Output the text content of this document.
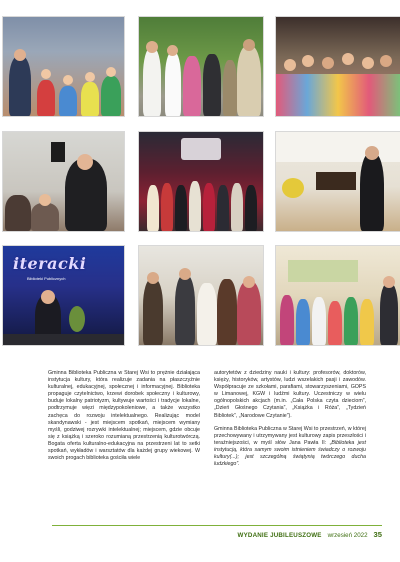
iteracki
Biblioteki Publicznych

Gminna Biblioteka Publiczna w Starej Wsi to prężnie działająca instytucja kultury, która realizuje zadania na płaszczyźnie kulturalnej, edukacyjnej, społecznej i informacyjnej. Biblioteka propaguje czytelnictwo, krzewi dorobek społeczny i kulturowy, buduje lokalny patriotyzm, kultywuje wartości i tradycje lokalne, podtrzymuje więzi międzypokoleniowe, a także wszystko zachęca do rozwoju intelektualnego. Realizując model skandynawski - jest miejscem spotkań, miejscem wymiany myśli, godziwej rozrywki intelektualnej; miejscem, gdzie obcuje się z książką i szeroko rozumianą przestrzenią kulturotwórczą. Bogata oferta kulturalno-edukacyjna na przestrzeni lat to setki spotkań, wykładów i warsztatów dla każdej grupy wiekowej. W swoich progach biblioteka gościła wiele

autorytetów z dziedziny nauki i kultury: profesorów, doktorów, księży, historyków, artystów, ludzi wszelakich pasji i zawodów. Współpracuje ze szkołami, parafiami, stowarzyszeniami, GOPS w Limanowej, KGW i ludźmi kultury. Uczestniczy w wielu ogólnopolskich akcjach (m.in. „Cała Polska czyta dzieciom”, „Dzień Głośnego Czytania”, „Książka i Róża”, „Tydzień Bibliotek”, „Narodowe Czytanie”).

Gminna Biblioteka Publiczna w Starej Wsi to przestrzeń, w której przechowywany i utrzymywany jest kulturowy zapis przeszłości i teraźniejszości, w myśl słów Jana Pawła II: „Biblioteka jest instytucją, która samym swoim istnieniem świadczy o rozwoju kultury(...); jest szczególną świątynią twórczego ducha ludzkiego”.

WYDANIE JUBILEUSZOWE wrzesień 2022 35
